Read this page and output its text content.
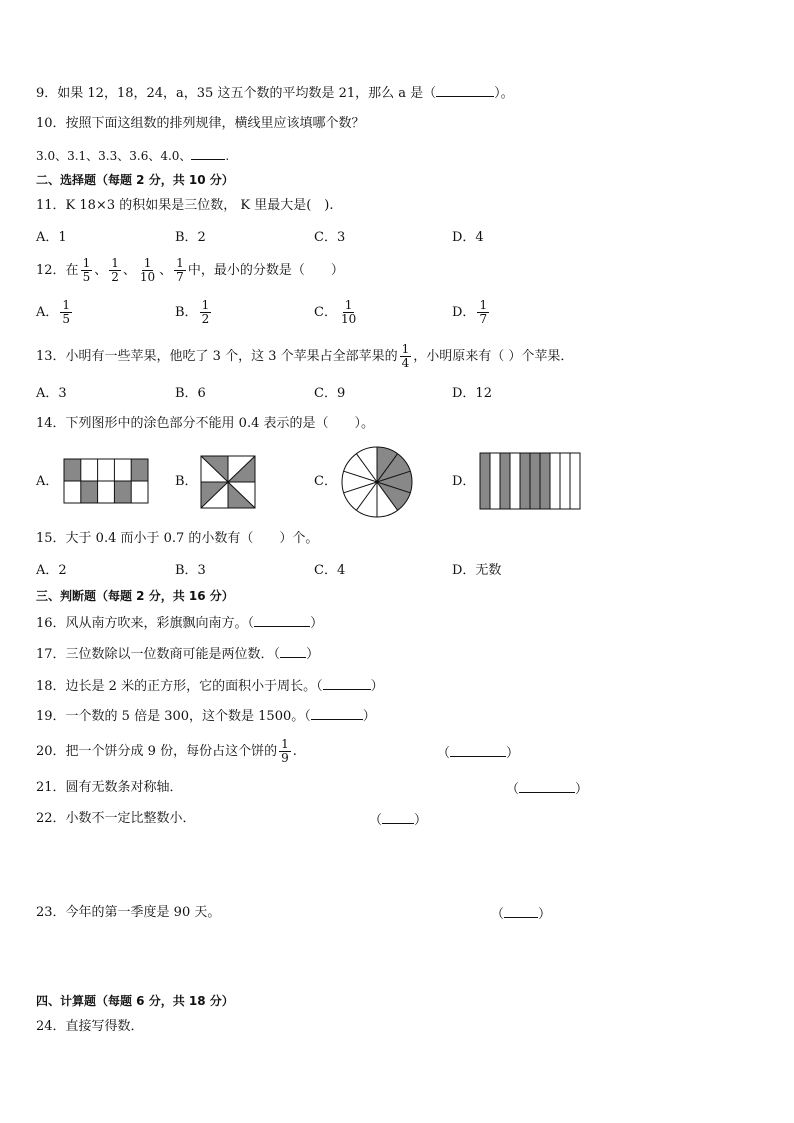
9．如果 12，18，24，a，35 这五个数的平均数是 21，那么 a 是（	）。
10．按照下面这组数的排列规律，横线里应该填哪个数？
3.0、3.1、3.3、3.6、4.0、	.
二、选择题（每题 2 分，共 10 分）
11．K 18×3 的积如果是三位数， K 里最大是(　).
A．1	B．2	C．3	D．4
12．在 $\frac{1}{5}$ 、 $\frac{1}{2}$ 、 $\frac{1}{10}$ 、 $\frac{1}{7}$ 中，最小的分数是（　　）
A． $\frac{1}{5}$	B． $\frac{1}{2}$	C． $\frac{1}{10}$	D． $\frac{1}{7}$
13．小明有一些苹果，他吃了 3 个，这 3 个苹果占全部苹果的 $\frac{1}{4}$ ，小明原来有（ ）个苹果．
A．3	B．6	C．9	D．12
14．下列图形中的涂色部分不能用 0.4 表示的是（　　）。
A．	B．	C．	D．
15．大于 0.4 而小于 0.7 的小数有（　　）个。
A．2	B．3	C．4	D．无数
三、判断题（每题 2 分，共 16 分）
16．风从南方吹来，彩旗飘向南方。（	）
17．三位数除以一位数商可能是两位数．（ ）
18．边长是 2 米的正方形，它的面积小于周长。（	）
19．一个数的 5 倍是 300，这个数是 1500。（	）
20．把一个饼分成 9 份，每份占这个饼的 $\frac{1}{9}$ .	（	）
21．圆有无数条对称轴．	（	）
22．小数不一定比整数小．	（ ）
23．今年的第一季度是 90 天。	（	）
四、计算题（每题 6 分，共 18 分）
24．直接写得数．
